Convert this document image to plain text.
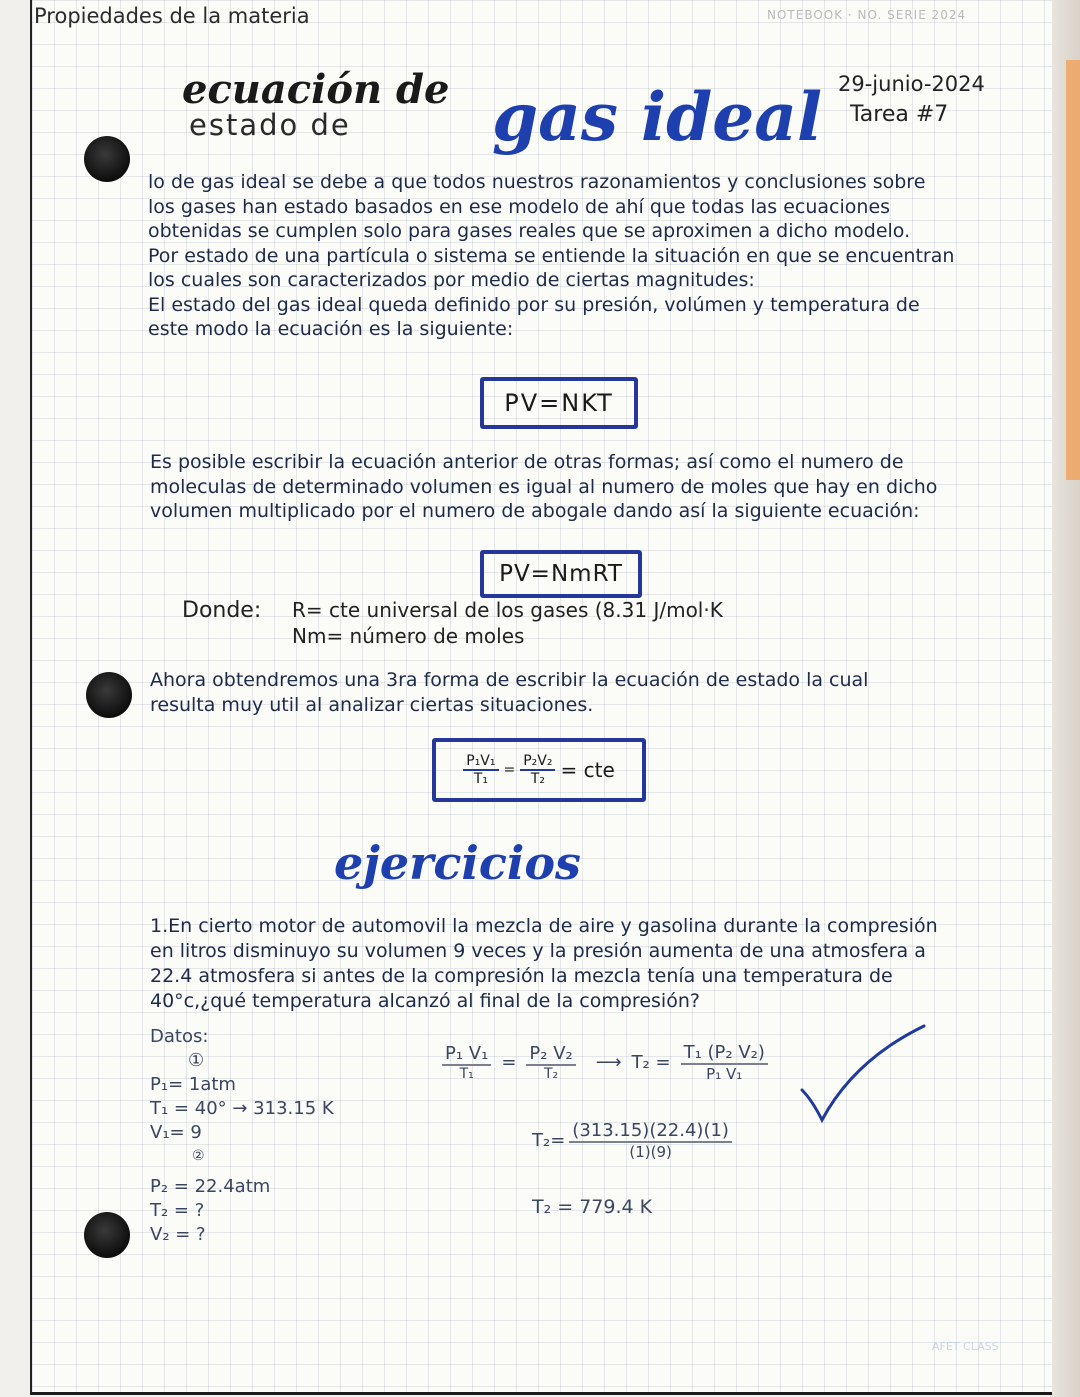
Propiedades de la materia	NOTEBOOK · NO. SERIE 2024
ecuación de
estado de gas ideal 29-junio-2024
Tarea #7
lo de gas ideal se debe a que todos nuestros razonamientos y conclusiones sobre
los gases han estado basados en ese modelo de ahí que todas las ecuaciones
obtenidas se cumplen solo para gases reales que se aproximen a dicho modelo.
Por estado de una partícula o sistema se entiende la situación en que se encuentran
los cuales son caracterizados por medio de ciertas magnitudes:
El estado del gas ideal queda definido por su presión, volúmen y temperatura de
este modo la ecuación es la siguiente:
PV=NKT
Es posible escribir la ecuación anterior de otras formas; así como el numero de
moleculas de determinado volumen es igual al numero de moles que hay en dicho
volumen multiplicado por el numero de abogale dando así la siguiente ecuación:
PV=NmRT
Donde: R= cte universal de los gases (8.31 J/mol·K
Nm= número de moles
Ahora obtendremos una 3ra forma de escribir la ecuación de estado la cual
resulta muy util al analizar ciertas situaciones.
$\frac{\text{P₁V₁}}{\text{T₁}} = \frac{\text{P₂V₂}}{\text{T₂}}$ = cte
ejercicios
1.En cierto motor de automovil la mezcla de aire y gasolina durante la compresión
en litros disminuyo su volumen 9 veces y la presión aumenta de una atmosfera a
22.4 atmosfera si antes de la compresión la mezcla tenía una temperatura de
40°c,¿qué temperatura alcanzó al final de la compresión?
Datos:
①
P₁= 1atm
T₁ = 40° → 313.15 K
V₁= 9
②
P₂ = 22.4atm
T₂ = ?
V₂ = ?
$\frac{\text{P₁ V₁}}{\text{T₁}} = \frac{\text{P₂ V₂}}{\text{T₂}}$ ⟶ $T_2 = \frac{\text{T₁ (P₂ V₂)}}{\text{P₁ V₁}}$
$T_2= \frac{(313.15)(22.4)(1)}{(1)(9)}$
T₂ = 779.4 K
AFET CLASS
